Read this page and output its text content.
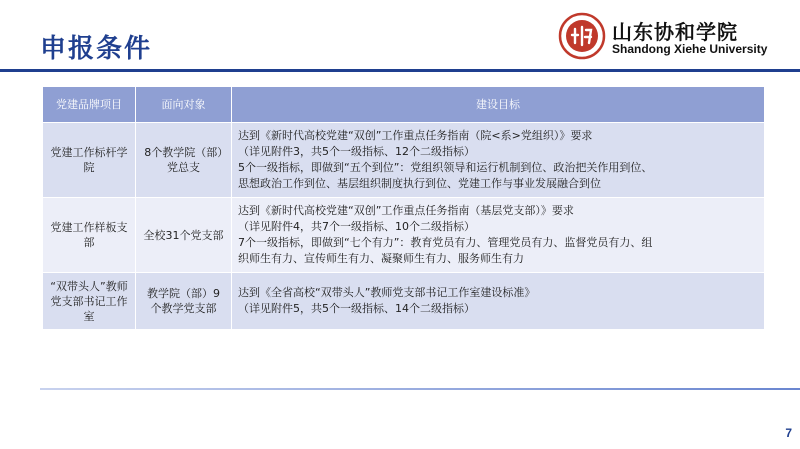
申报条件
山东协和学院
Shandong Xiehe University
党建品牌项目	面向对象	建设目标
党建工作标杆学院	8个教学院（部）党总支	达到《新时代高校党建“双创”工作重点任务指南（院<系>党组织）》要求
（详见附件3，共5个一级指标、12个二级指标）
5个一级指标，即做到“五个到位”：党组织领导和运行机制到位、政治把关作用到位、
思想政治工作到位、基层组织制度执行到位、党建工作与事业发展融合到位

党建工作样板支部	全校31个党支部	达到《新时代高校党建“双创”工作重点任务指南（基层党支部）》要求
（详见附件4，共7个一级指标、10个二级指标）
7个一级指标，即做到“七个有力”：教育党员有力、管理党员有力、监督党员有力、组
织师生有力、宣传师生有力、凝聚师生有力、服务师生有力

“双带头人”教师党支部书记工作室	教学院（部）9个教学党支部	达到《全省高校“双带头人”教师党支部书记工作室建设标准》
（详见附件5，共5个一级指标、14个二级指标）
7
